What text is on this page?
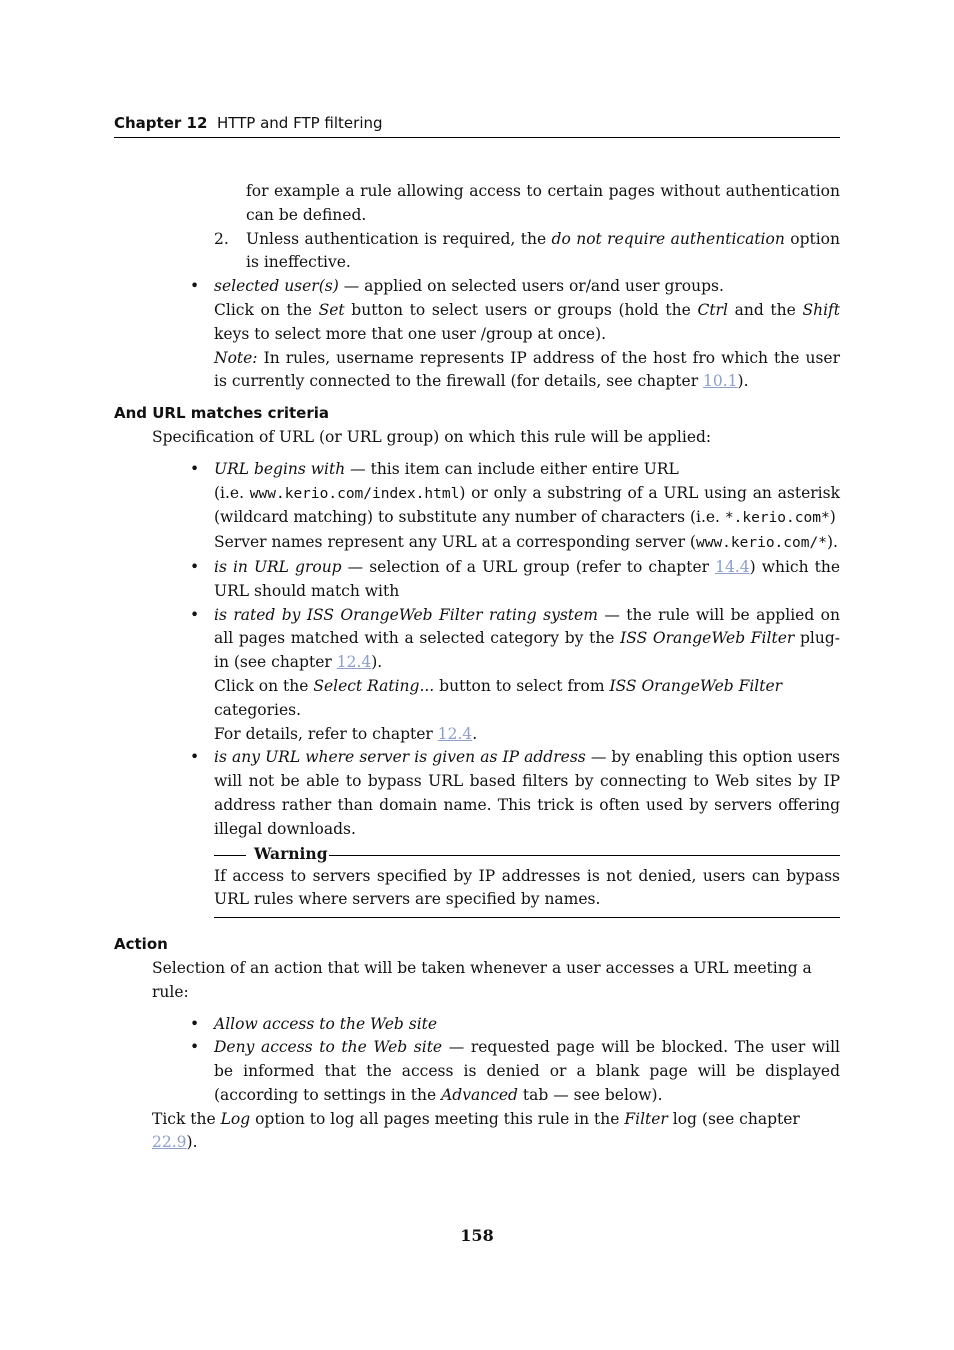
Chapter 12 HTTP and FTP filtering

for example a rule allowing access to certain pages without authentication can be defined.

2. Unless authentication is required, the do not require authentication option is ineffective.

• selected user(s) — applied on selected users or/and user groups.

Click on the Set button to select users or groups (hold the Ctrl and the Shift keys to select more that one user /group at once).

Note: In rules, username represents IP address of the host fro which the user is currently connected to the firewall (for details, see chapter 10.1).

And URL matches criteria

Specification of URL (or URL group) on which this rule will be applied:

• URL begins with — this item can include either entire URL

(i.e. www.kerio.com/index.html) or only a substring of a URL using an asterisk (wildcard matching) to substitute any number of characters (i.e. *.kerio.com*)

Server names represent any URL at a corresponding server (www.kerio.com/*).

• is in URL group — selection of a URL group (refer to chapter 14.4) which the URL should match with

• is rated by ISS OrangeWeb Filter rating system — the rule will be applied on all pages matched with a selected category by the ISS OrangeWeb Filter plug-in (see chapter 12.4).

Click on the Select Rating... button to select from ISS OrangeWeb Filter categories.

For details, refer to chapter 12.4.

• is any URL where server is given as IP address — by enabling this option users will not be able to bypass URL based filters by connecting to Web sites by IP address rather than domain name. This trick is often used by servers offering illegal downloads.

Warning

If access to servers specified by IP addresses is not denied, users can bypass URL rules where servers are specified by names.

Action

Selection of an action that will be taken whenever a user accesses a URL meeting a rule:

• Allow access to the Web site

• Deny access to the Web site — requested page will be blocked. The user will be informed that the access is denied or a blank page will be displayed (according to settings in the Advanced tab — see below).

Tick the Log option to log all pages meeting this rule in the Filter log (see chapter 22.9).

158
